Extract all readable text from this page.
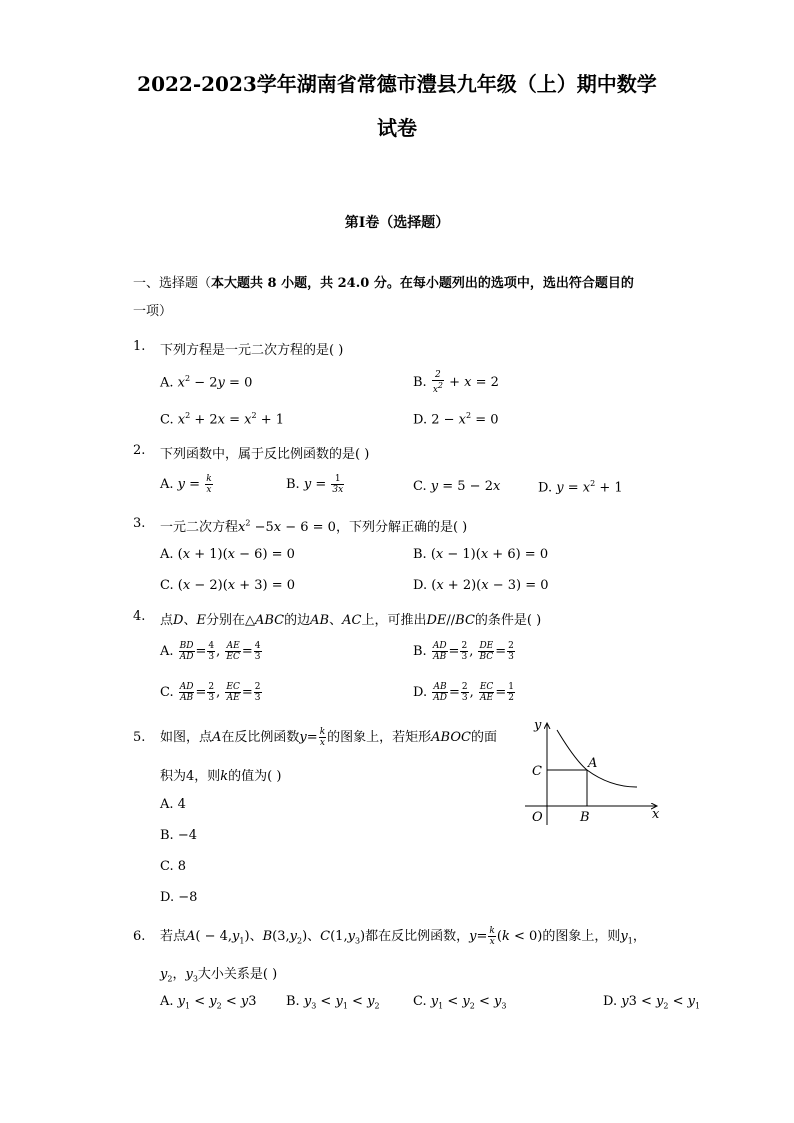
2022-2023学年湖南省常德市澧县九年级（上）期中数学
试卷
第I卷（选择题）
一、选择题（本大题共 8 小题，共 24.0 分。在每小题列出的选项中，选出符合题目的
一项）
1. 下列方程是一元二次方程的是( )
A. $x^2 - 2y = 0$	B. $\frac{2}{x^2} + x = 2$
C. $x^2 + 2x = x^2 + 1$	D. $2 - x^2 = 0$
2. 下列函数中，属于反比例函数的是( )
A. $y = \frac{k}{x}$	B. $y = \frac{1}{3x}$	C. y = 5 − 2x	D. $y = x^2 + 1$
3. 一元二次方程$x^2 -5x - 6 = 0$，下列分解正确的是( )
A. (x + 1)(x − 6) = 0	B. (x − 1)(x + 6) = 0
C. (x − 2)(x + 3) = 0	D. (x + 2)(x − 3) = 0
4. 点D、E分别在△ABC的边AB、AC上，可推出DE//BC的条件是( )
A. $\frac{BD}{AD} = \frac{4}{3}$ , $\frac{AE}{EC} = \frac{4}{3}$	B. $\frac{AD}{AB} = \frac{2}{3}$ , $\frac{DE}{BC} = \frac{2}{3}$
C. $\frac{AD}{AB} = \frac{2}{3}$ , $\frac{EC}{AE} = \frac{2}{3}$	D. $\frac{AB}{AD} = \frac{2}{3}$ , $\frac{EC}{AE} = \frac{1}{2}$
5. 如图，点A在反比例函数$y= \frac{k}{x}$ 的图象上，若矩形ABOC的面
积为4，则k的值为( )
A. 4
B. −4
C. 8
D. −8
y
x
O
A
B
C
6. 若点$A( - 4,y_1)$、$B(3,y_2)$、$C(1,y_3)$都在反比例函数，$y= \frac{k}{x} (k < 0)$的图象上，则$y_1$，
$y_2$，$y_3$大小关系是( )
A. $y_1 < y_2 < y3$ B. $y_3 < y_1 < y_2$	C. $y_1 < y_2 < y_3$	D. $y3 < y_2 < y_1$
